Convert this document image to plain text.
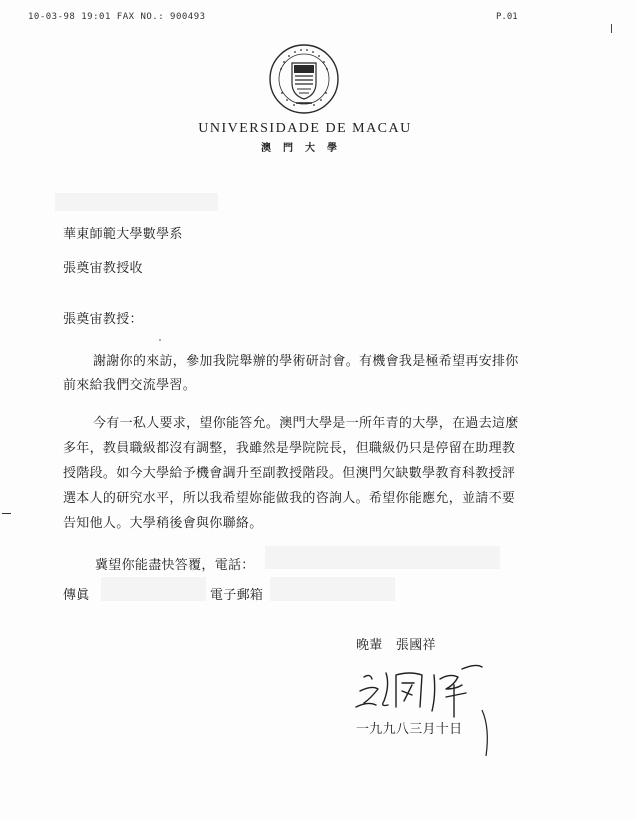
10-03-98 19:01 FAX NO.: 900493	P.01
UNIVERSIDADE DE MACAU
澳門大學
華東師範大學數學系
張奠宙教授收
張奠宙教授：
謝謝你的來訪，參加我院舉辦的學術研討會。有機會我是極希望再安排你
前來給我們交流學習。
今有一私人要求，望你能答允。澳門大學是一所年青的大學，在過去這麼
多年，教員職級都沒有調整，我雖然是學院院長，但職級仍只是停留在助理教
授階段。如今大學給予機會調升至副教授階段。但澳門欠缺數學教育科教授評
選本人的研究水平，所以我希望妳能做我的咨詢人。希望你能應允，並請不要
告知他人。大學稍後會與你聯絡。
冀望你能盡快答覆，電話：
傳眞	電子郵箱
晚輩　張國祥
一九九八三月十日
